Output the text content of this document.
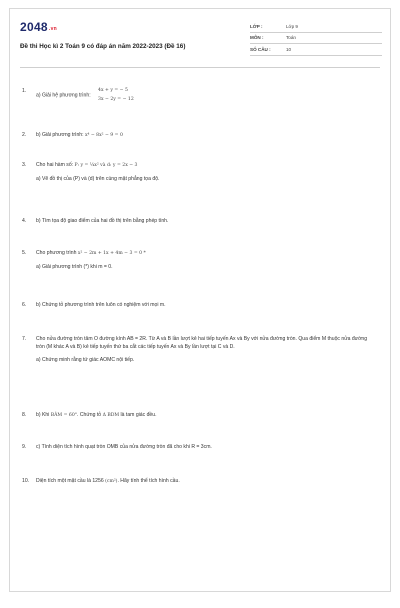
2048.vn
Đề thi Học kì 2 Toán 9 có đáp án năm 2022-2023 (Đề 16)
LỚP :	Lớp 9
MÔN :	Toán
SỐ CÂU :	10
1.
a) Giải hệ phương trình:
4x + y = − 5
3x − 2y = − 12
2.	b) Giải phương trình: x⁴ − 8x² − 9 = 0
3.	Cho hai hàm số: P: y = ¼x² và d: y = 2x − 3
a) Vẽ đồ thị của (P) và (d) trên cùng mặt phẳng tọa độ.
4.	b) Tìm tọa độ giao điểm của hai đồ thị trên bằng phép tính.
5.	Cho phương trình x² − 2m + 1x + 4m − 3 = 0 *
a) Giải phương trình (*) khi m = 0.
6.	b) Chứng tỏ phương trình trên luôn có nghiệm với mọi m.
7.	Cho nửa đường tròn tâm O đường kính AB = 2R. Từ A và B lần lượt kẻ hai tiếp tuyến Ax và By với nửa đường tròn. Qua điểm M thuộc nửa đường tròn (M khác A và B) kẻ tiếp tuyến thứ ba cắt các tiếp tuyến Ax và By lần lượt tại C và D.
a) Chứng minh rằng tứ giác AOMC nội tiếp.
8.	b) Khi BÂM = 60°. Chứng tỏ Δ BDM là tam giác đều.
9.	c) Tính diện tích hình quạt tròn OMB của nửa đường tròn đã cho khi R = 3cm.
10.	Diện tích một mặt cầu là 1256 (cm²). Hãy tính thể tích hình cầu.
